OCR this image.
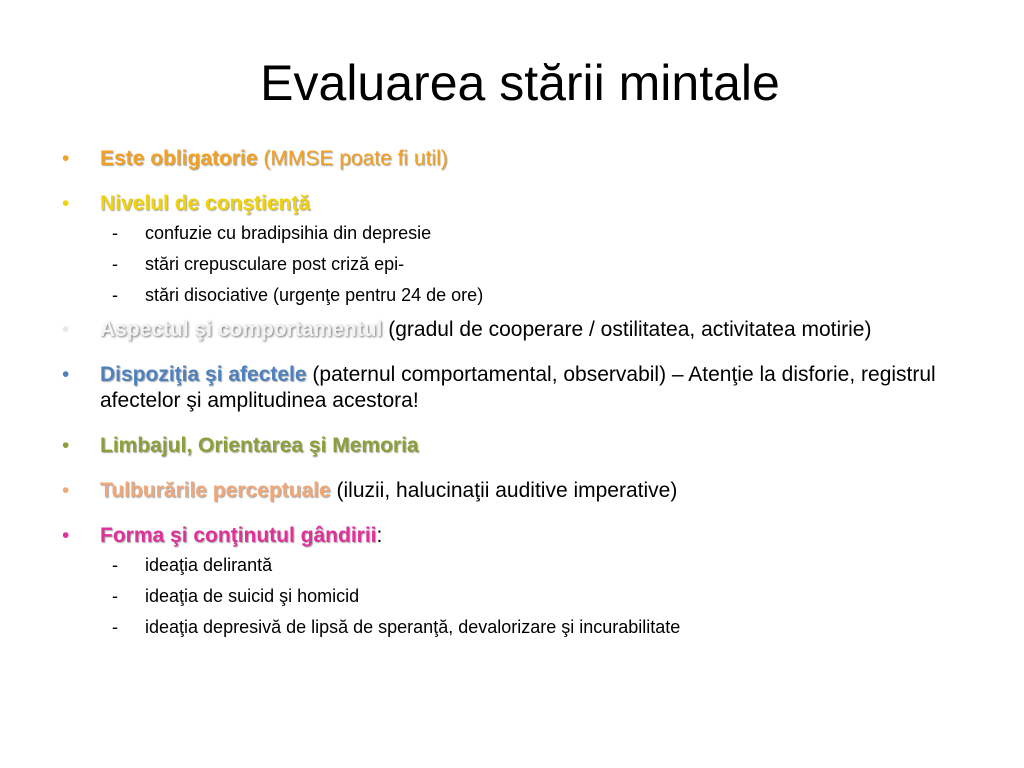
Evaluarea stării mintale
• Este obligatorie (MMSE poate fi util)
• Nivelul de conştienţă
- confuzie cu bradipsihia din depresie
- stări crepusculare post criză epi-
- stări disociative (urgenţe pentru 24 de ore)
• Aspectul şi comportamentul (gradul de cooperare / ostilitatea, activitatea motirie)
• Dispoziţia şi afectele (paternul comportamental, observabil) – Atenţie la disforie, registrul afectelor şi amplitudinea acestora!
• Limbajul, Orientarea şi Memoria
• Tulburările perceptuale (iluzii, halucinaţii auditive imperative)
• Forma şi conţinutul gândirii:
- ideaţia delirantă
- ideaţia de suicid şi homicid
- ideaţia depresivă de lipsă de speranţă, devalorizare şi incurabilitate
